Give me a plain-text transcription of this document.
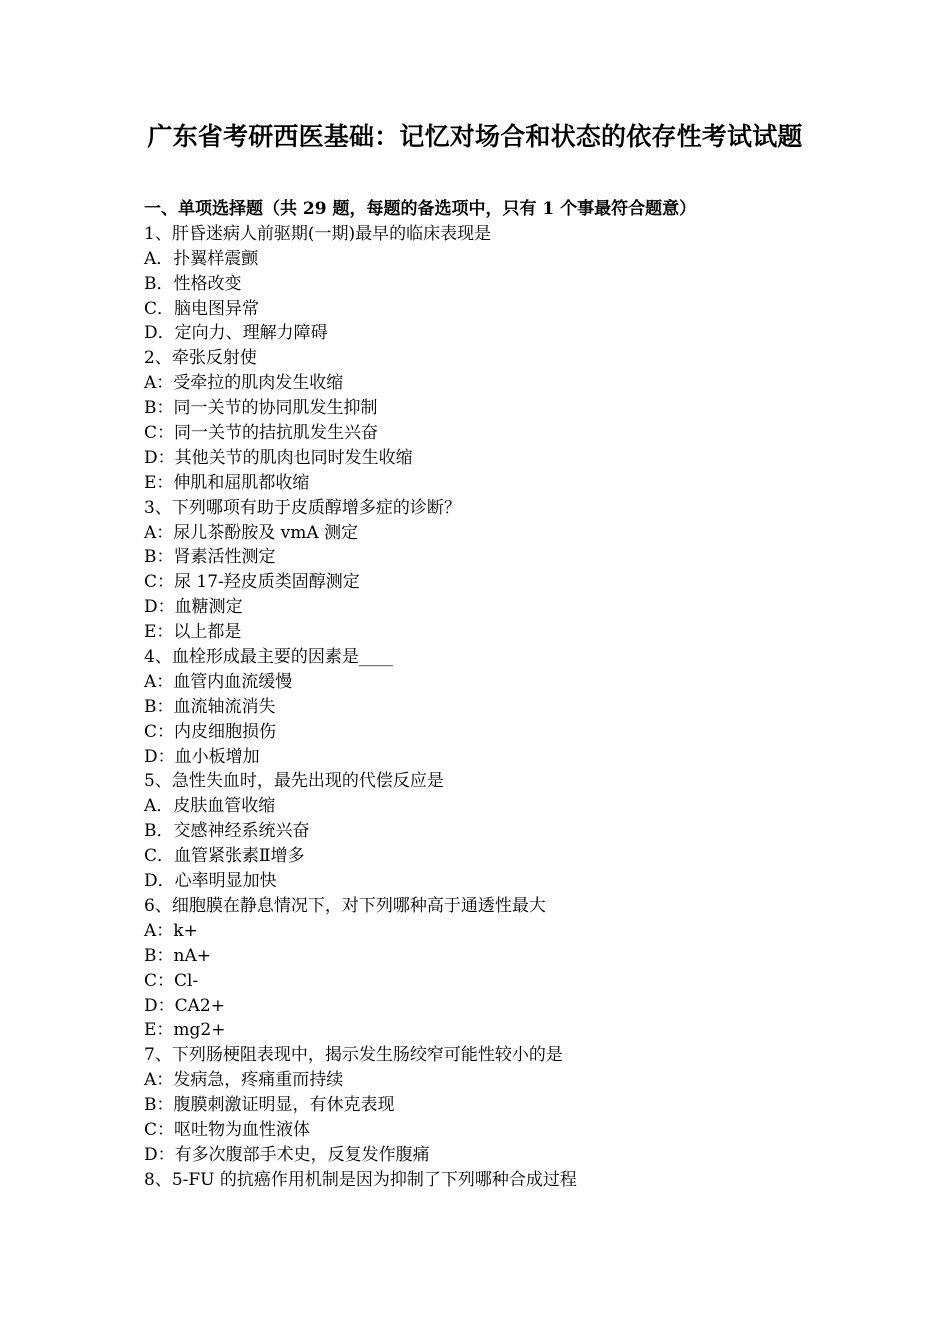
广东省考研西医基础：记忆对场合和状态的依存性考试试题
一、单项选择题（共 29 题，每题的备选项中，只有 1 个事最符合题意）
1、肝昏迷病人前驱期(一期)最早的临床表现是
A．扑翼样震颤
B．性格改变
C．脑电图异常
D．定向力、理解力障碍
2、牵张反射使
A：受牵拉的肌肉发生收缩
B：同一关节的协同肌发生抑制
C：同一关节的拮抗肌发生兴奋
D：其他关节的肌肉也同时发生收缩
E：伸肌和屈肌都收缩
3、下列哪项有助于皮质醇增多症的诊断？
A：尿儿茶酚胺及 vmA 测定
B：肾素活性测定
C：尿 17-羟皮质类固醇测定
D：血糖测定
E：以上都是
4、血栓形成最主要的因素是____
A：血管内血流缓慢
B：血流轴流消失
C：内皮细胞损伤
D：血小板增加
5、急性失血时，最先出现的代偿反应是
A．皮肤血管收缩
B．交感神经系统兴奋
C．血管紧张素Ⅱ增多
D．心率明显加快
6、细胞膜在静息情况下，对下列哪种高于通透性最大
A：k+
B：nA+
C：Cl-
D：CA2+
E：mg2+
7、下列肠梗阻表现中，揭示发生肠绞窄可能性较小的是
A：发病急，疼痛重而持续
B：腹膜刺激证明显，有休克表现
C：呕吐物为血性液体
D：有多次腹部手术史，反复发作腹痛
8、5-FU 的抗癌作用机制是因为抑制了下列哪种合成过程
